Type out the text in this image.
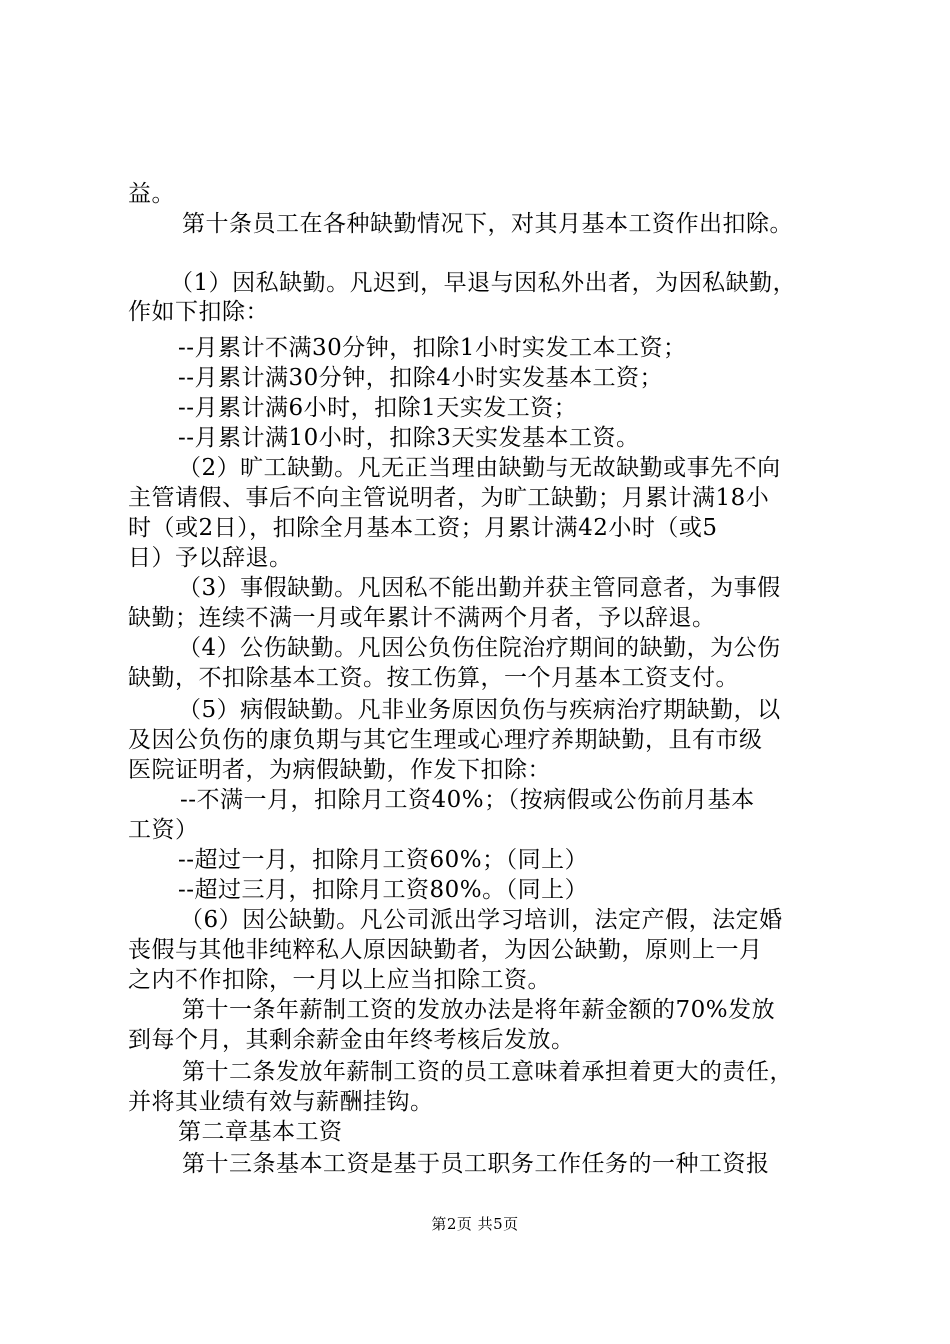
益。
第十条员工在各种缺勤情况下，对其月基本工资作出扣除。
（1）因私缺勤。凡迟到，早退与因私外出者，为因私缺勤，
作如下扣除：
--月累计不满30分钟，扣除1小时实发工本工资；
--月累计满30分钟，扣除4小时实发基本工资；
--月累计满6小时，扣除1天实发工资；
--月累计满10小时，扣除3天实发基本工资。
（2）旷工缺勤。凡无正当理由缺勤与无故缺勤或事先不向
主管请假、事后不向主管说明者，为旷工缺勤；月累计满18小
时（或2日），扣除全月基本工资；月累计满42小时（或5
日）予以辞退。
（3）事假缺勤。凡因私不能出勤并获主管同意者，为事假
缺勤；连续不满一月或年累计不满两个月者，予以辞退。
（4）公伤缺勤。凡因公负伤住院治疗期间的缺勤，为公伤
缺勤，不扣除基本工资。按工伤算，一个月基本工资支付。
（5）病假缺勤。凡非业务原因负伤与疾病治疗期缺勤，以
及因公负伤的康负期与其它生理或心理疗养期缺勤，且有市级
医院证明者，为病假缺勤，作发下扣除：
--不满一月，扣除月工资40%；（按病假或公伤前月基本
工资）
--超过一月，扣除月工资60%；（同上）
--超过三月，扣除月工资80%。（同上）
（6）因公缺勤。凡公司派出学习培训，法定产假，法定婚
丧假与其他非纯粹私人原因缺勤者，为因公缺勤，原则上一月
之内不作扣除，一月以上应当扣除工资。
第十一条年薪制工资的发放办法是将年薪金额的70%发放
到每个月，其剩余薪金由年终考核后发放。
第十二条发放年薪制工资的员工意味着承担着更大的责任，
并将其业绩有效与薪酬挂钩。
第二章基本工资
第十三条基本工资是基于员工职务工作任务的一种工资报
第2页 共5页
